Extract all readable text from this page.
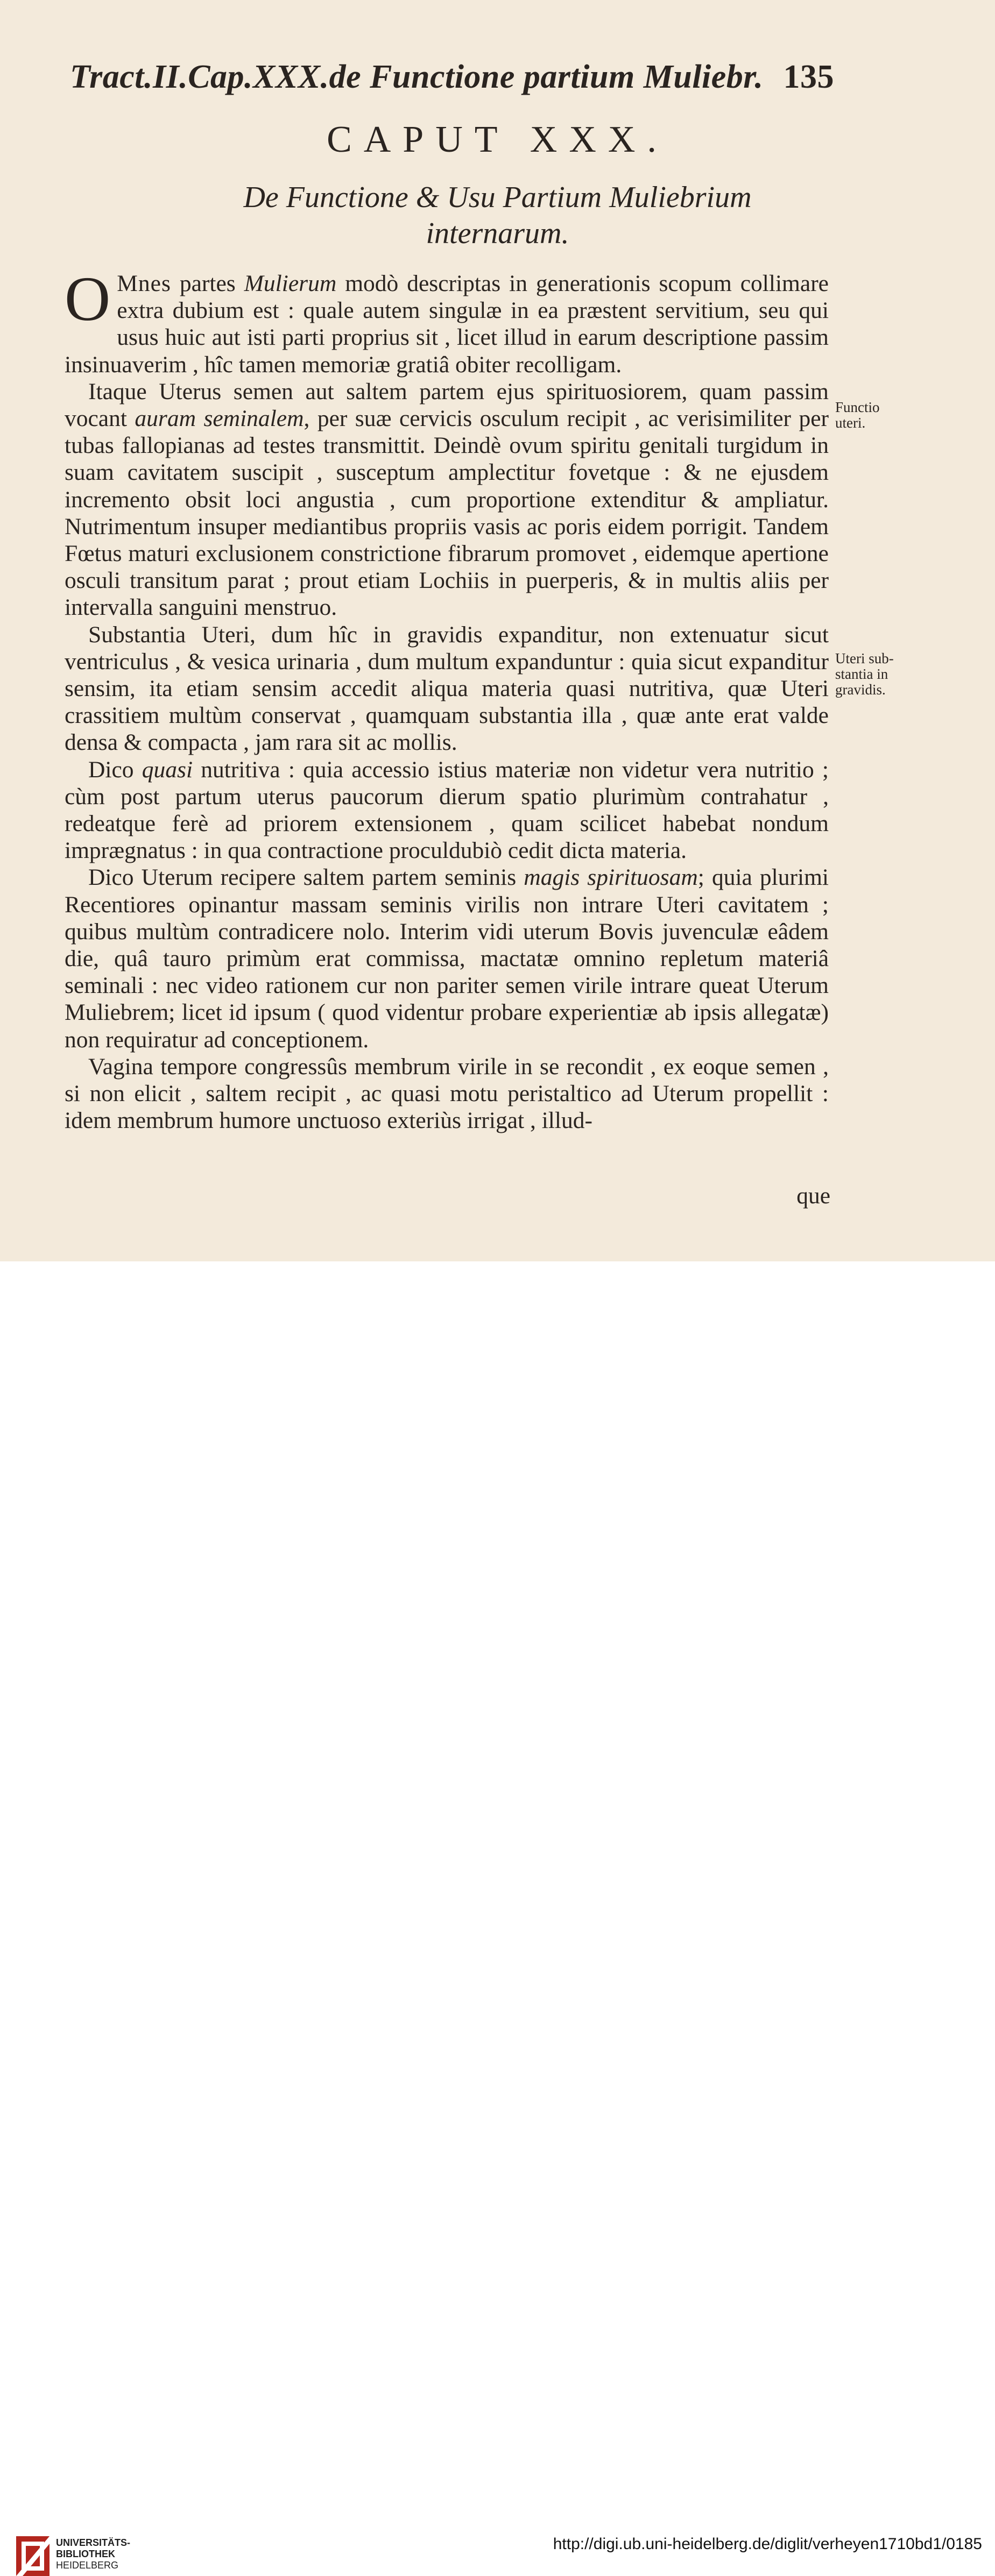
Tract.II.Cap.XXX.de Functione partium Muliebr. 135
CAPUT XXX.
De Functione & Usu Partium Muliebrium
internarum.

O Mnes partes Mulierum modò descriptas in generationis scopum collimare extra dubium est : quale autem singulæ in ea præstent servitium, seu qui usus huic aut isti parti proprius sit , licet illud in earum descriptione passim insinuaverim , hîc tamen memoriæ gratiâ obiter recolligam.

Itaque Uterus semen aut saltem partem ejus spirituosiorem, quam passim vocant auram seminalem, per suæ cervicis osculum recipit , ac verisimiliter per tubas fallopianas ad testes transmittit. Deindè ovum spiritu genitali turgidum in suam cavitatem suscipit , susceptum amplectitur fovetque : & ne ejusdem incremento obsit loci angustia , cum proportione extenditur & ampliatur. Nutrimentum insuper mediantibus propriis vasis ac poris eidem porrigit. Tandem Fœtus maturi exclusionem constrictione fibrarum promovet , eidemque apertione osculi transitum parat ; prout etiam Lochiis in puerperis, & in multis aliis per intervalla sanguini menstruo.

Substantia Uteri, dum hîc in gravidis expanditur, non extenuatur sicut ventriculus , & vesica urinaria , dum multum expanduntur : quia sicut expanditur sensim, ita etiam sensim accedit aliqua materia quasi nutritiva, quæ Uteri crassitiem multùm conservat , quamquam substantia illa , quæ ante erat valde densa & compacta , jam rara sit ac mollis.

Dico quasi nutritiva : quia accessio istius materiæ non videtur vera nutritio ; cùm post partum uterus paucorum dierum spatio plurimùm contrahatur , redeatque ferè ad priorem extensionem , quam scilicet habebat nondum imprægnatus : in qua contractione proculdubiò cedit dicta materia.

Dico Uterum recipere saltem partem seminis magis spirituosam; quia plurimi Recentiores opinantur massam seminis virilis non intrare Uteri cavitatem ; quibus multùm contradicere nolo. Interim vidi uterum Bovis juvenculæ eâdem die, quâ tauro primùm erat commissa, mactatæ omnino repletum materiâ seminali : nec video rationem cur non pariter semen virile intrare queat Uterum Muliebrem; licet id ipsum ( quod videntur probare experientiæ ab ipsis allegatæ) non requiratur ad conceptionem.

Vagina tempore congressûs membrum virile in se recondit , ex eoque semen , si non elicit , saltem recipit , ac quasi motu peristaltico ad Uterum propellit : idem membrum humore unctuoso exteriùs irrigat , illud-

que
Functio
uteri.
Uteri sub-
stantia in
gravidis.
UNIVERSITÄTS-
BIBLIOTHEK
HEIDELBERG
http://digi.ub.uni-heidelberg.de/diglit/verheyen1710bd1/0185
